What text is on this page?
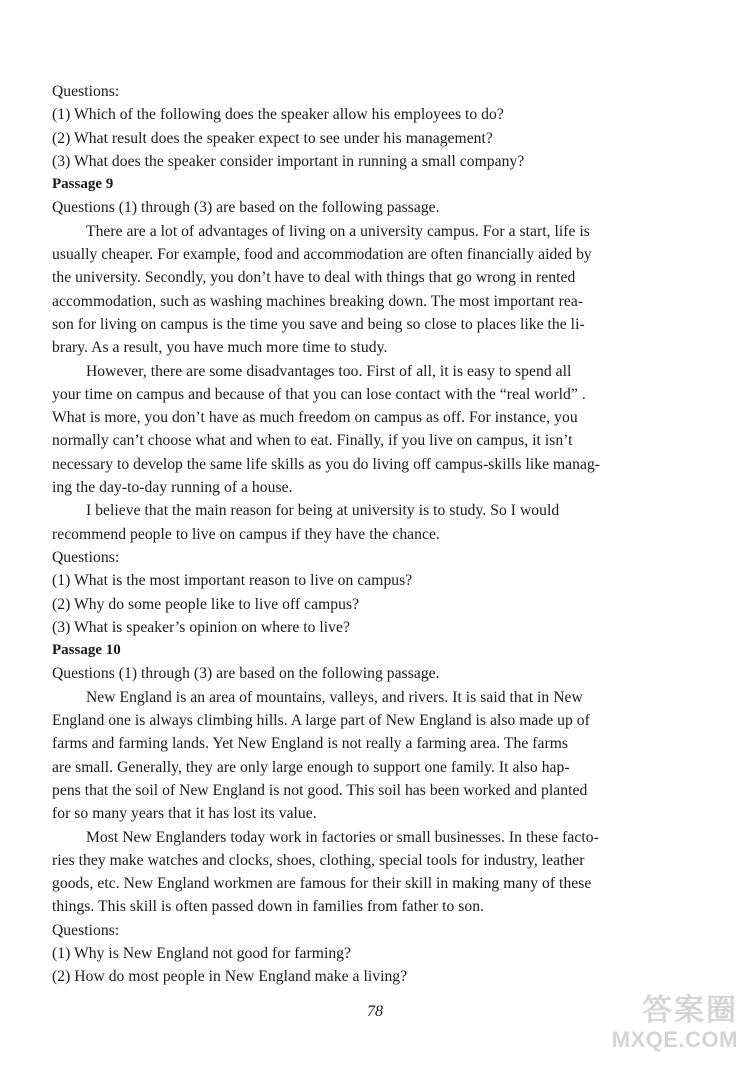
Questions:
(1) Which of the following does the speaker allow his employees to do?
(2) What result does the speaker expect to see under his management?
(3) What does the speaker consider important in running a small company?
Passage 9
Questions (1) through (3) are based on the following passage.
There are a lot of advantages of living on a university campus. For a start, life is
usually cheaper. For example, food and accommodation are often financially aided by
the university. Secondly, you don’t have to deal with things that go wrong in rented
accommodation, such as washing machines breaking down. The most important rea-
son for living on campus is the time you save and being so close to places like the li-
brary. As a result, you have much more time to study.
However, there are some disadvantages too. First of all, it is easy to spend all
your time on campus and because of that you can lose contact with the “real world” .
What is more, you don’t have as much freedom on campus as off. For instance, you
normally can’t choose what and when to eat. Finally, if you live on campus, it isn’t
necessary to develop the same life skills as you do living off campus-skills like manag-
ing the day-to-day running of a house.
I believe that the main reason for being at university is to study. So I would
recommend people to live on campus if they have the chance.
Questions:
(1) What is the most important reason to live on campus?
(2) Why do some people like to live off campus?
(3) What is speaker’s opinion on where to live?
Passage 10
Questions (1) through (3) are based on the following passage.
New England is an area of mountains, valleys, and rivers. It is said that in New
England one is always climbing hills. A large part of New England is also made up of
farms and farming lands. Yet New England is not really a farming area. The farms
are small. Generally, they are only large enough to support one family. It also hap-
pens that the soil of New England is not good. This soil has been worked and planted
for so many years that it has lost its value.
Most New Englanders today work in factories or small businesses. In these facto-
ries they make watches and clocks, shoes, clothing, special tools for industry, leather
goods, etc. New England workmen are famous for their skill in making many of these
things. This skill is often passed down in families from father to son.
Questions:
(1) Why is New England not good for farming?
(2) How do most people in New England make a living?
78	答案圈
MXQE.COM
